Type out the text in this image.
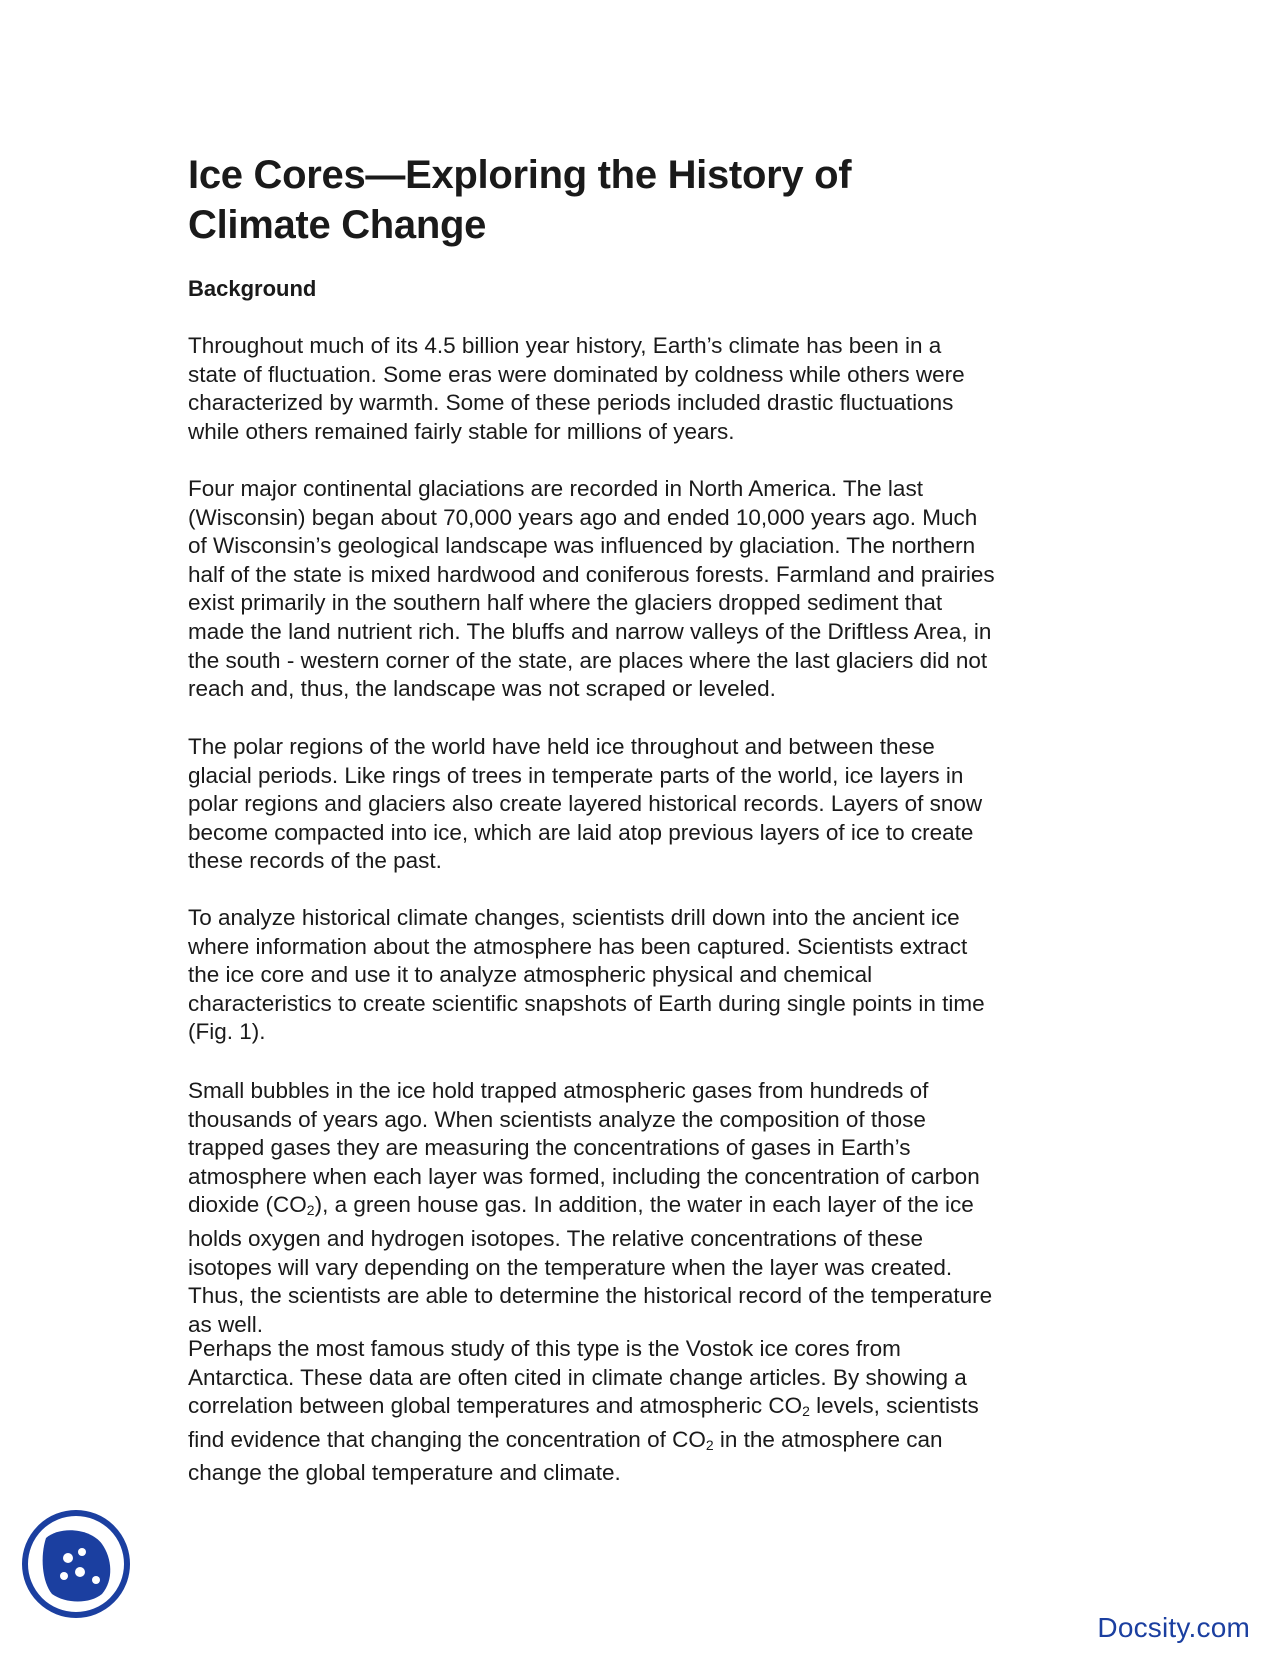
Ice Cores—Exploring the History of
Climate Change
Background
Throughout much of its 4.5 billion year history, Earth’s climate has been in a
state of fluctuation. Some eras were dominated by coldness while others were
characterized by warmth. Some of these periods included drastic fluctuations
while others remained fairly stable for millions of years.
Four major continental glaciations are recorded in North America. The last
(Wisconsin) began about 70,000 years ago and ended 10,000 years ago. Much
of Wisconsin’s geological landscape was influenced by glaciation. The northern
half of the state is mixed hardwood and coniferous forests. Farmland and prairies
exist primarily in the southern half where the glaciers dropped sediment that
made the land nutrient rich. The bluffs and narrow valleys of the Driftless Area, in
the south - western corner of the state, are places where the last glaciers did not
reach and, thus, the landscape was not scraped or leveled.
The polar regions of the world have held ice throughout and between these
glacial periods. Like rings of trees in temperate parts of the world, ice layers in
polar regions and glaciers also create layered historical records. Layers of snow
become compacted into ice, which are laid atop previous layers of ice to create
these records of the past.
To analyze historical climate changes, scientists drill down into the ancient ice
where information about the atmosphere has been captured. Scientists extract
the ice core and use it to analyze atmospheric physical and chemical
characteristics to create scientific snapshots of Earth during single points in time
(Fig. 1).
Small bubbles in the ice hold trapped atmospheric gases from hundreds of
thousands of years ago. When scientists analyze the composition of those
trapped gases they are measuring the concentrations of gases in Earth’s
atmosphere when each layer was formed, including the concentration of carbon
dioxide $(CO_2)$, a green house gas. In addition, the water in each layer of the ice
holds oxygen and hydrogen isotopes. The relative concentrations of these
isotopes will vary depending on the temperature when the layer was created.
Thus, the scientists are able to determine the historical record of the temperature
as well.
Perhaps the most famous study of this type is the Vostok ice cores from
Antarctica. These data are often cited in climate change articles. By showing a
correlation between global temperatures and atmospheric $CO_2$ levels, scientists
find evidence that changing the concentration of $CO_2$ in the atmosphere can
change the global temperature and climate.
Docsity.com
